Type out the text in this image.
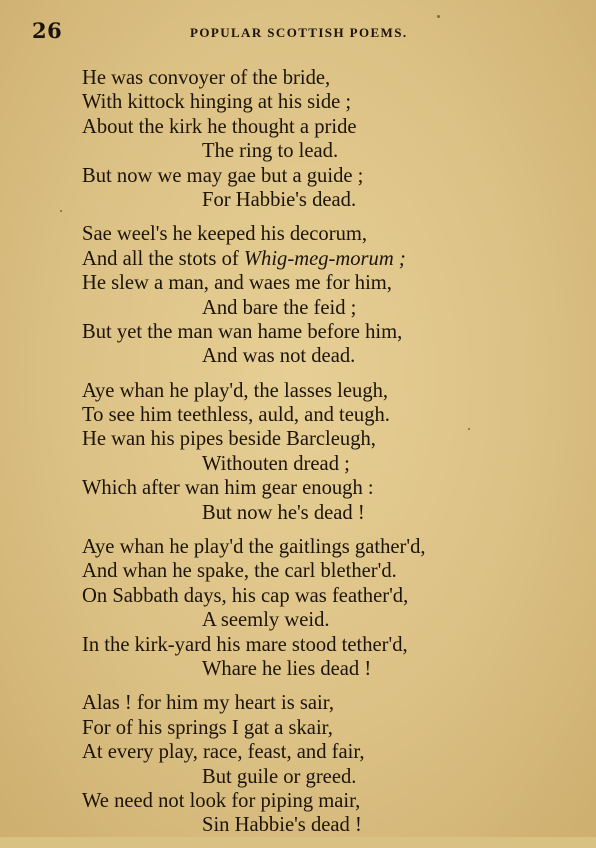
26	POPULAR SCOTTISH POEMS.
He was convoyer of the bride,
With kittock hinging at his side ;
About the kirk he thought a pride
The ring to lead.
But now we may gae but a guide ;
For Habbie's dead.
Sae weel's he keeped his decorum,
And all the stots of Whig-meg-morum ;
He slew a man, and waes me for him,
And bare the feid ;
But yet the man wan hame before him,
And was not dead.
Aye whan he play'd, the lasses leugh,
To see him teethless, auld, and teugh.
He wan his pipes beside Barcleugh,
Withouten dread ;
Which after wan him gear enough :
But now he's dead !
Aye whan he play'd the gaitlings gather'd,
And whan he spake, the carl blether'd.
On Sabbath days, his cap was feather'd,
A seemly weid.
In the kirk-yard his mare stood tether'd,
Whare he lies dead !
Alas ! for him my heart is sair,
For of his springs I gat a skair,
At every play, race, feast, and fair,
But guile or greed.
We need not look for piping mair,
Sin Habbie's dead !
